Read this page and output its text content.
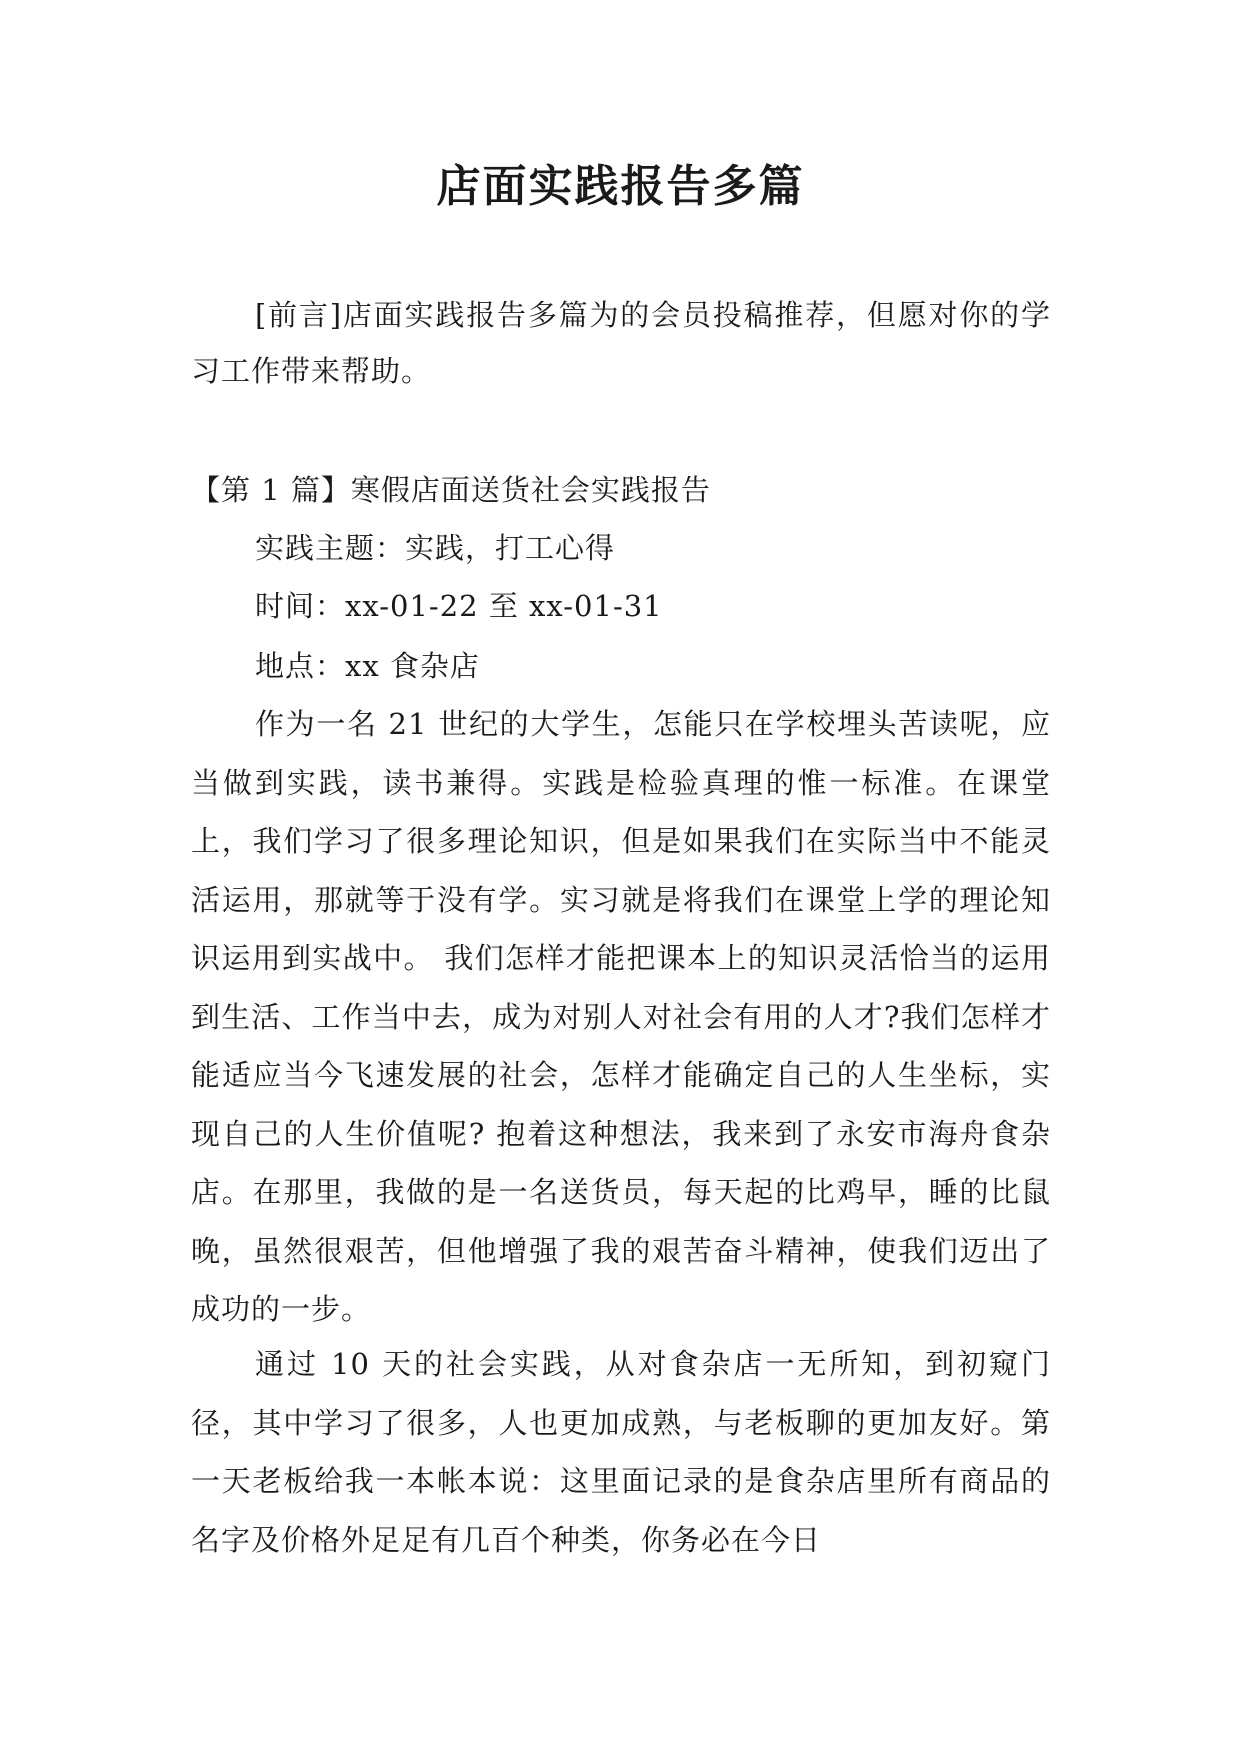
店面实践报告多篇

[前言]店面实践报告多篇为的会员投稿推荐，但愿对你的学习工作带来帮助。

【第 1 篇】寒假店面送货社会实践报告

实践主题：实践，打工心得

时间：xx-01-22 至 xx-01-31

地点：xx 食杂店

作为一名 21 世纪的大学生，怎能只在学校埋头苦读呢，应当做到实践，读书兼得。实践是检验真理的惟一标准。在课堂上，我们学习了很多理论知识，但是如果我们在实际当中不能灵活运用，那就等于没有学。实习就是将我们在课堂上学的理论知识运用到实战中。 我们怎样才能把课本上的知识灵活恰当的运用到生活、工作当中去，成为对别人对社会有用的人才?我们怎样才能适应当今飞速发展的社会，怎样才能确定自己的人生坐标，实现自己的人生价值呢? 抱着这种想法，我来到了永安市海舟食杂店。在那里，我做的是一名送货员，每天起的比鸡早，睡的比鼠晚，虽然很艰苦，但他增强了我的艰苦奋斗精神，使我们迈出了成功的一步。

通过 10 天的社会实践，从对食杂店一无所知，到初窥门径，其中学习了很多，人也更加成熟，与老板聊的更加友好。第一天老板给我一本帐本说：这里面记录的是食杂店里所有商品的名字及价格外足足有几百个种类，你务必在今日
